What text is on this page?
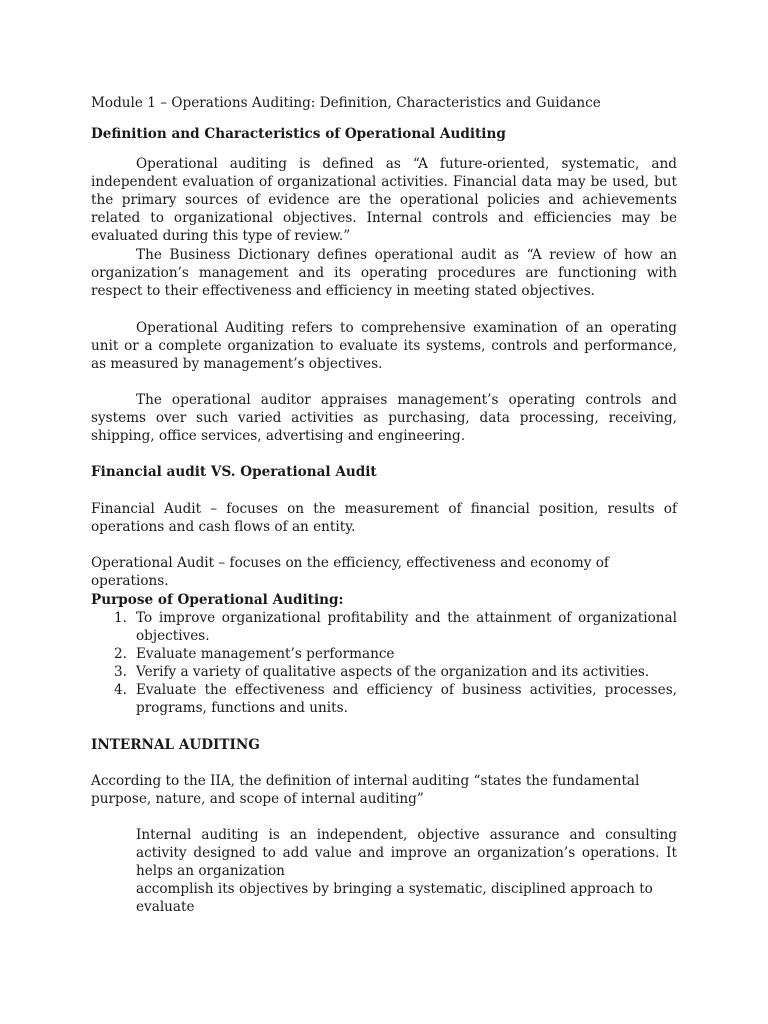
Module 1 – Operations Auditing: Definition, Characteristics and Guidance

Definition and Characteristics of Operational Auditing

Operational auditing is defined as “A future-oriented, systematic, and independent evaluation of organizational activities. Financial data may be used, but the primary sources of evidence are the operational policies and achievements related to organizational objectives. Internal controls and efficiencies may be evaluated during this type of review.”

The Business Dictionary defines operational audit as “A review of how an organization’s management and its operating procedures are functioning with respect to their effectiveness and efficiency in meeting stated objectives.

Operational Auditing refers to comprehensive examination of an operating unit or a complete organization to evaluate its systems, controls and performance, as measured by management’s objectives.

The operational auditor appraises management’s operating controls and systems over such varied activities as purchasing, data processing, receiving, shipping, office services, advertising and engineering.

Financial audit VS. Operational Audit

Financial Audit – focuses on the measurement of financial position, results of operations and cash flows of an entity.

Operational Audit – focuses on the efficiency, effectiveness and economy of operations.

Purpose of Operational Auditing:

1. To improve organizational profitability and the attainment of organizational objectives.
2. Evaluate management’s performance
3. Verify a variety of qualitative aspects of the organization and its activities.
4. Evaluate the effectiveness and efficiency of business activities, processes, programs, functions and units.

INTERNAL AUDITING

According to the IIA, the definition of internal auditing “states the fundamental purpose, nature, and scope of internal auditing”

Internal auditing is an independent, objective assurance and consulting activity designed to add value and improve an organization’s operations. It helps an organization

accomplish its objectives by bringing a systematic, disciplined approach to evaluate
